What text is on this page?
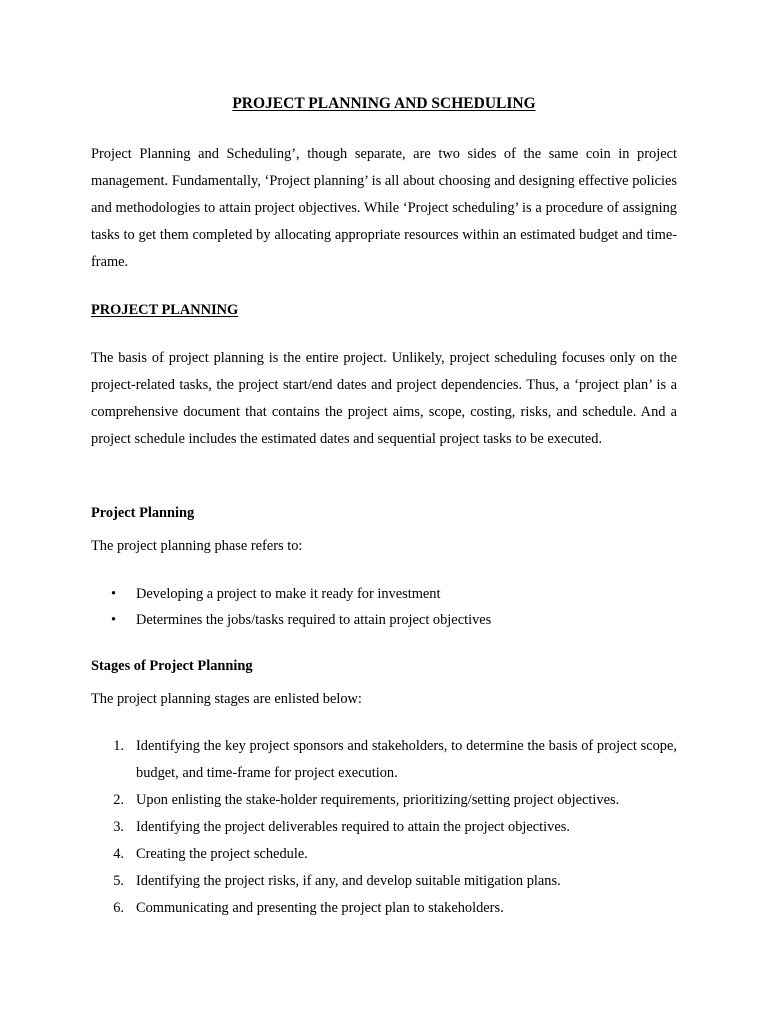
PROJECT PLANNING AND SCHEDULING

Project Planning and Scheduling’, though separate, are two sides of the same coin in project management. Fundamentally, ‘Project planning’ is all about choosing and designing effective policies and methodologies to attain project objectives. While ‘Project scheduling’ is a procedure of assigning tasks to get them completed by allocating appropriate resources within an estimated budget and time-frame.

PROJECT PLANNING

The basis of project planning is the entire project. Unlikely, project scheduling focuses only on the project-related tasks, the project start/end dates and project dependencies. Thus, a ‘project plan’ is a comprehensive document that contains the project aims, scope, costing, risks, and schedule. And a project schedule includes the estimated dates and sequential project tasks to be executed.

Project Planning

The project planning phase refers to:

• Developing a project to make it ready for investment
• Determines the jobs/tasks required to attain project objectives
Stages of Project Planning

The project planning stages are enlisted below:

1. Identifying the key project sponsors and stakeholders, to determine the basis of project scope, budget, and time-frame for project execution.
2. Upon enlisting the stake-holder requirements, prioritizing/setting project objectives.
3. Identifying the project deliverables required to attain the project objectives.
4. Creating the project schedule.
5. Identifying the project risks, if any, and develop suitable mitigation plans.
6. Communicating and presenting the project plan to stakeholders.
